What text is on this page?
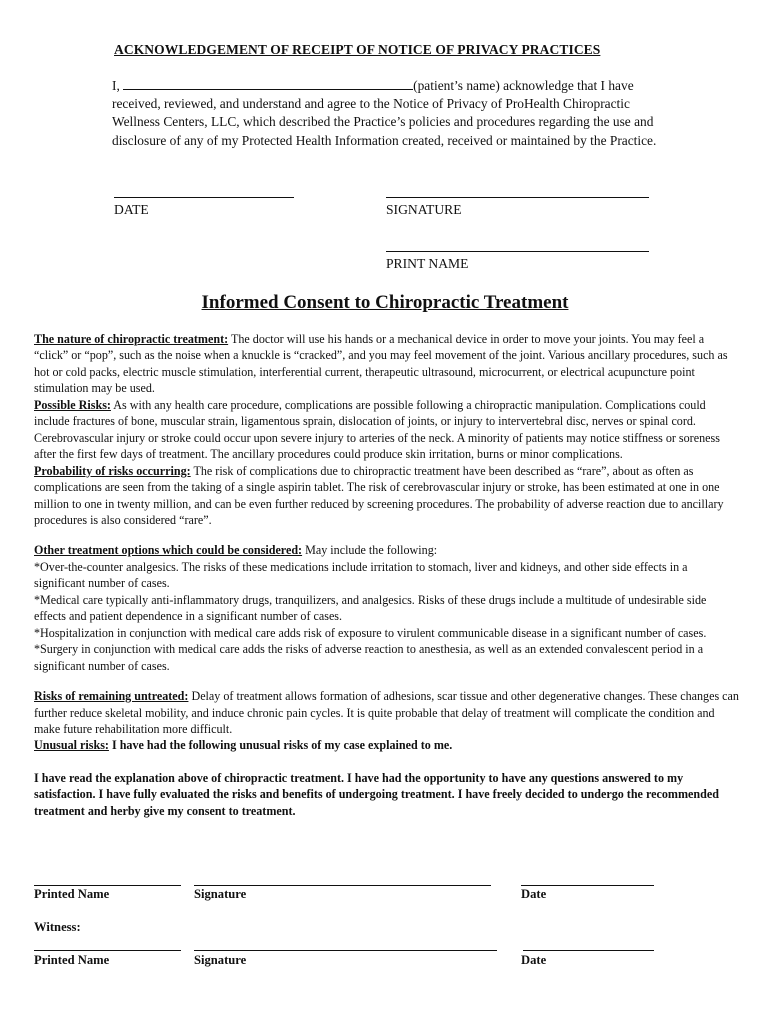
ACKNOWLEDGEMENT OF RECEIPT OF NOTICE OF PRIVACY PRACTICES
I,	(patient’s name) acknowledge that I have received, reviewed, and understand and agree to the Notice of Privacy of ProHealth Chiropractic Wellness Centers, LLC, which described the Practice’s policies and procedures regarding the use and disclosure of any of my Protected Health Information created, received or maintained by the Practice.
DATE	SIGNATURE
PRINT NAME
Informed Consent to Chiropractic Treatment

The nature of chiropractic treatment: The doctor will use his hands or a mechanical device in order to move your joints. You may feel a “click” or “pop”, such as the noise when a knuckle is “cracked”, and you may feel movement of the joint. Various ancillary procedures, such as hot or cold packs, electric muscle stimulation, interferential current, therapeutic ultrasound, microcurrent, or electrical acupuncture point stimulation may be used.

Possible Risks: As with any health care procedure, complications are possible following a chiropractic manipulation. Complications could include fractures of bone, muscular strain, ligamentous sprain, dislocation of joints, or injury to intervertebral disc, nerves or spinal cord. Cerebrovascular injury or stroke could occur upon severe injury to arteries of the neck. A minority of patients may notice stiffness or soreness after the first few days of treatment. The ancillary procedures could produce skin irritation, burns or minor complications.

Probability of risks occurring: The risk of complications due to chiropractic treatment have been described as “rare”, about as often as complications are seen from the taking of a single aspirin tablet. The risk of cerebrovascular injury or stroke, has been estimated at one in one million to one in twenty million, and can be even further reduced by screening procedures. The probability of adverse reaction due to ancillary procedures is also considered “rare”.

Other treatment options which could be considered: May include the following:

*Over-the-counter analgesics. The risks of these medications include irritation to stomach, liver and kidneys, and other side effects in a significant number of cases.

*Medical care typically anti-inflammatory drugs, tranquilizers, and analgesics. Risks of these drugs include a multitude of undesirable side effects and patient dependence in a significant number of cases.

*Hospitalization in conjunction with medical care adds risk of exposure to virulent communicable disease in a significant number of cases.

*Surgery in conjunction with medical care adds the risks of adverse reaction to anesthesia, as well as an extended convalescent period in a significant number of cases.

Risks of remaining untreated: Delay of treatment allows formation of adhesions, scar tissue and other degenerative changes. These changes can further reduce skeletal mobility, and induce chronic pain cycles. It is quite probable that delay of treatment will complicate the condition and make future rehabilitation more difficult.

Unusual risks: I have had the following unusual risks of my case explained to me.

I have read the explanation above of chiropractic treatment. I have had the opportunity to have any questions answered to my satisfaction. I have fully evaluated the risks and benefits of undergoing treatment. I have freely decided to undergo the recommended treatment and herby give my consent to treatment.

Printed Name	Signature	Date
Witness:
Printed Name	Signature	Date
